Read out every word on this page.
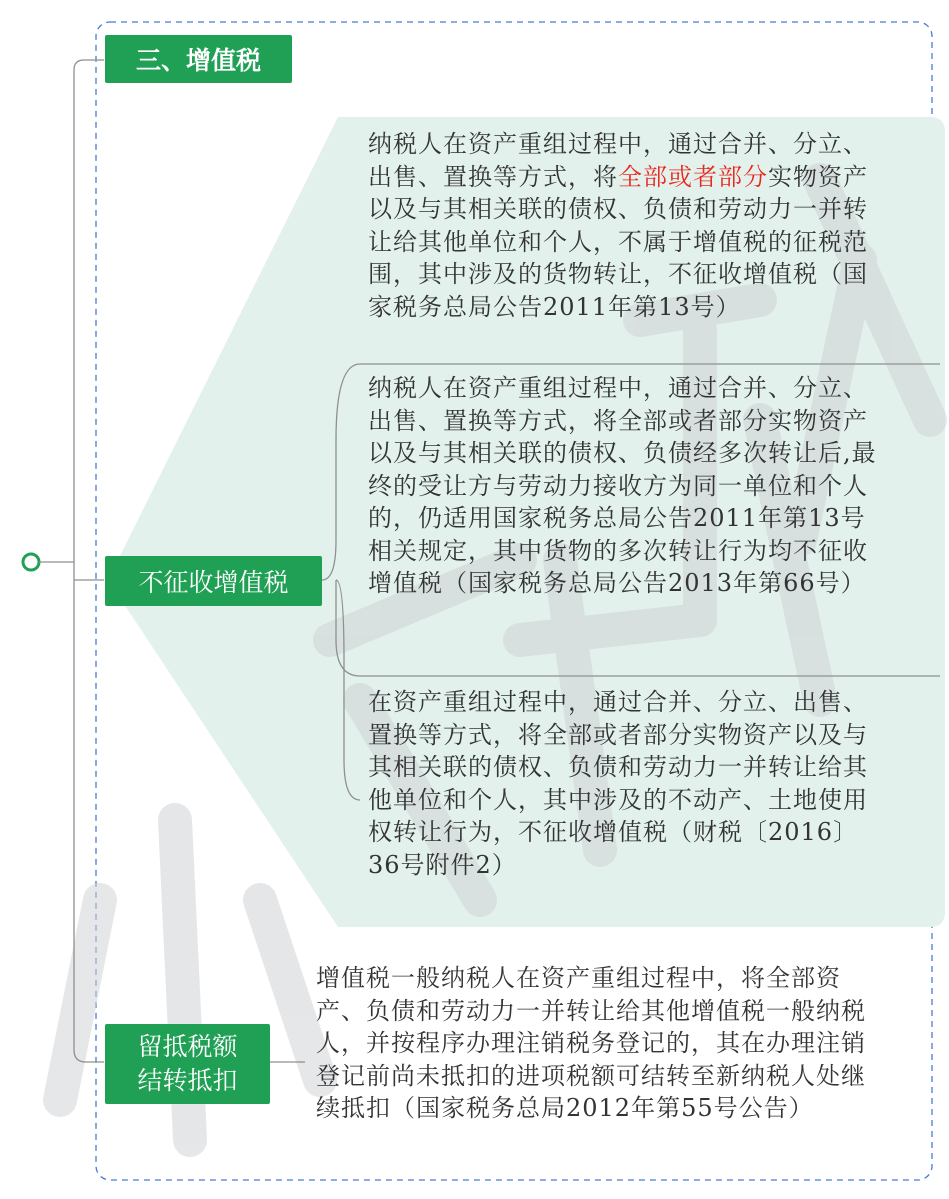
三、增值税
不征收增值税
纳税人在资产重组过程中，通过合并、分立、出售、置换等方式，将全部或者部分实物资产以及与其相关联的债权、负债和劳动力一并转让给其他单位和个人，不属于增值税的征税范围，其中涉及的货物转让，不征收增值税（国家税务总局公告2011年第13号）
纳税人在资产重组过程中，通过合并、分立、出售、置换等方式，将全部或者部分实物资产以及与其相关联的债权、负债经多次转让后,最终的受让方与劳动力接收方为同一单位和个人的，仍适用国家税务总局公告2011年第13号相关规定，其中货物的多次转让行为均不征收增值税（国家税务总局公告2013年第66号）
在资产重组过程中，通过合并、分立、出售、置换等方式，将全部或者部分实物资产以及与其相关联的债权、负债和劳动力一并转让给其他单位和个人，其中涉及的不动产、土地使用权转让行为，不征收增值税（财税〔2016〕36号附件2）
留抵税额
结转抵扣
增值税一般纳税人在资产重组过程中，将全部资产、负债和劳动力一并转让给其他增值税一般纳税人，并按程序办理注销税务登记的，其在办理注销登记前尚未抵扣的进项税额可结转至新纳税人处继续抵扣（国家税务总局2012年第55号公告）
